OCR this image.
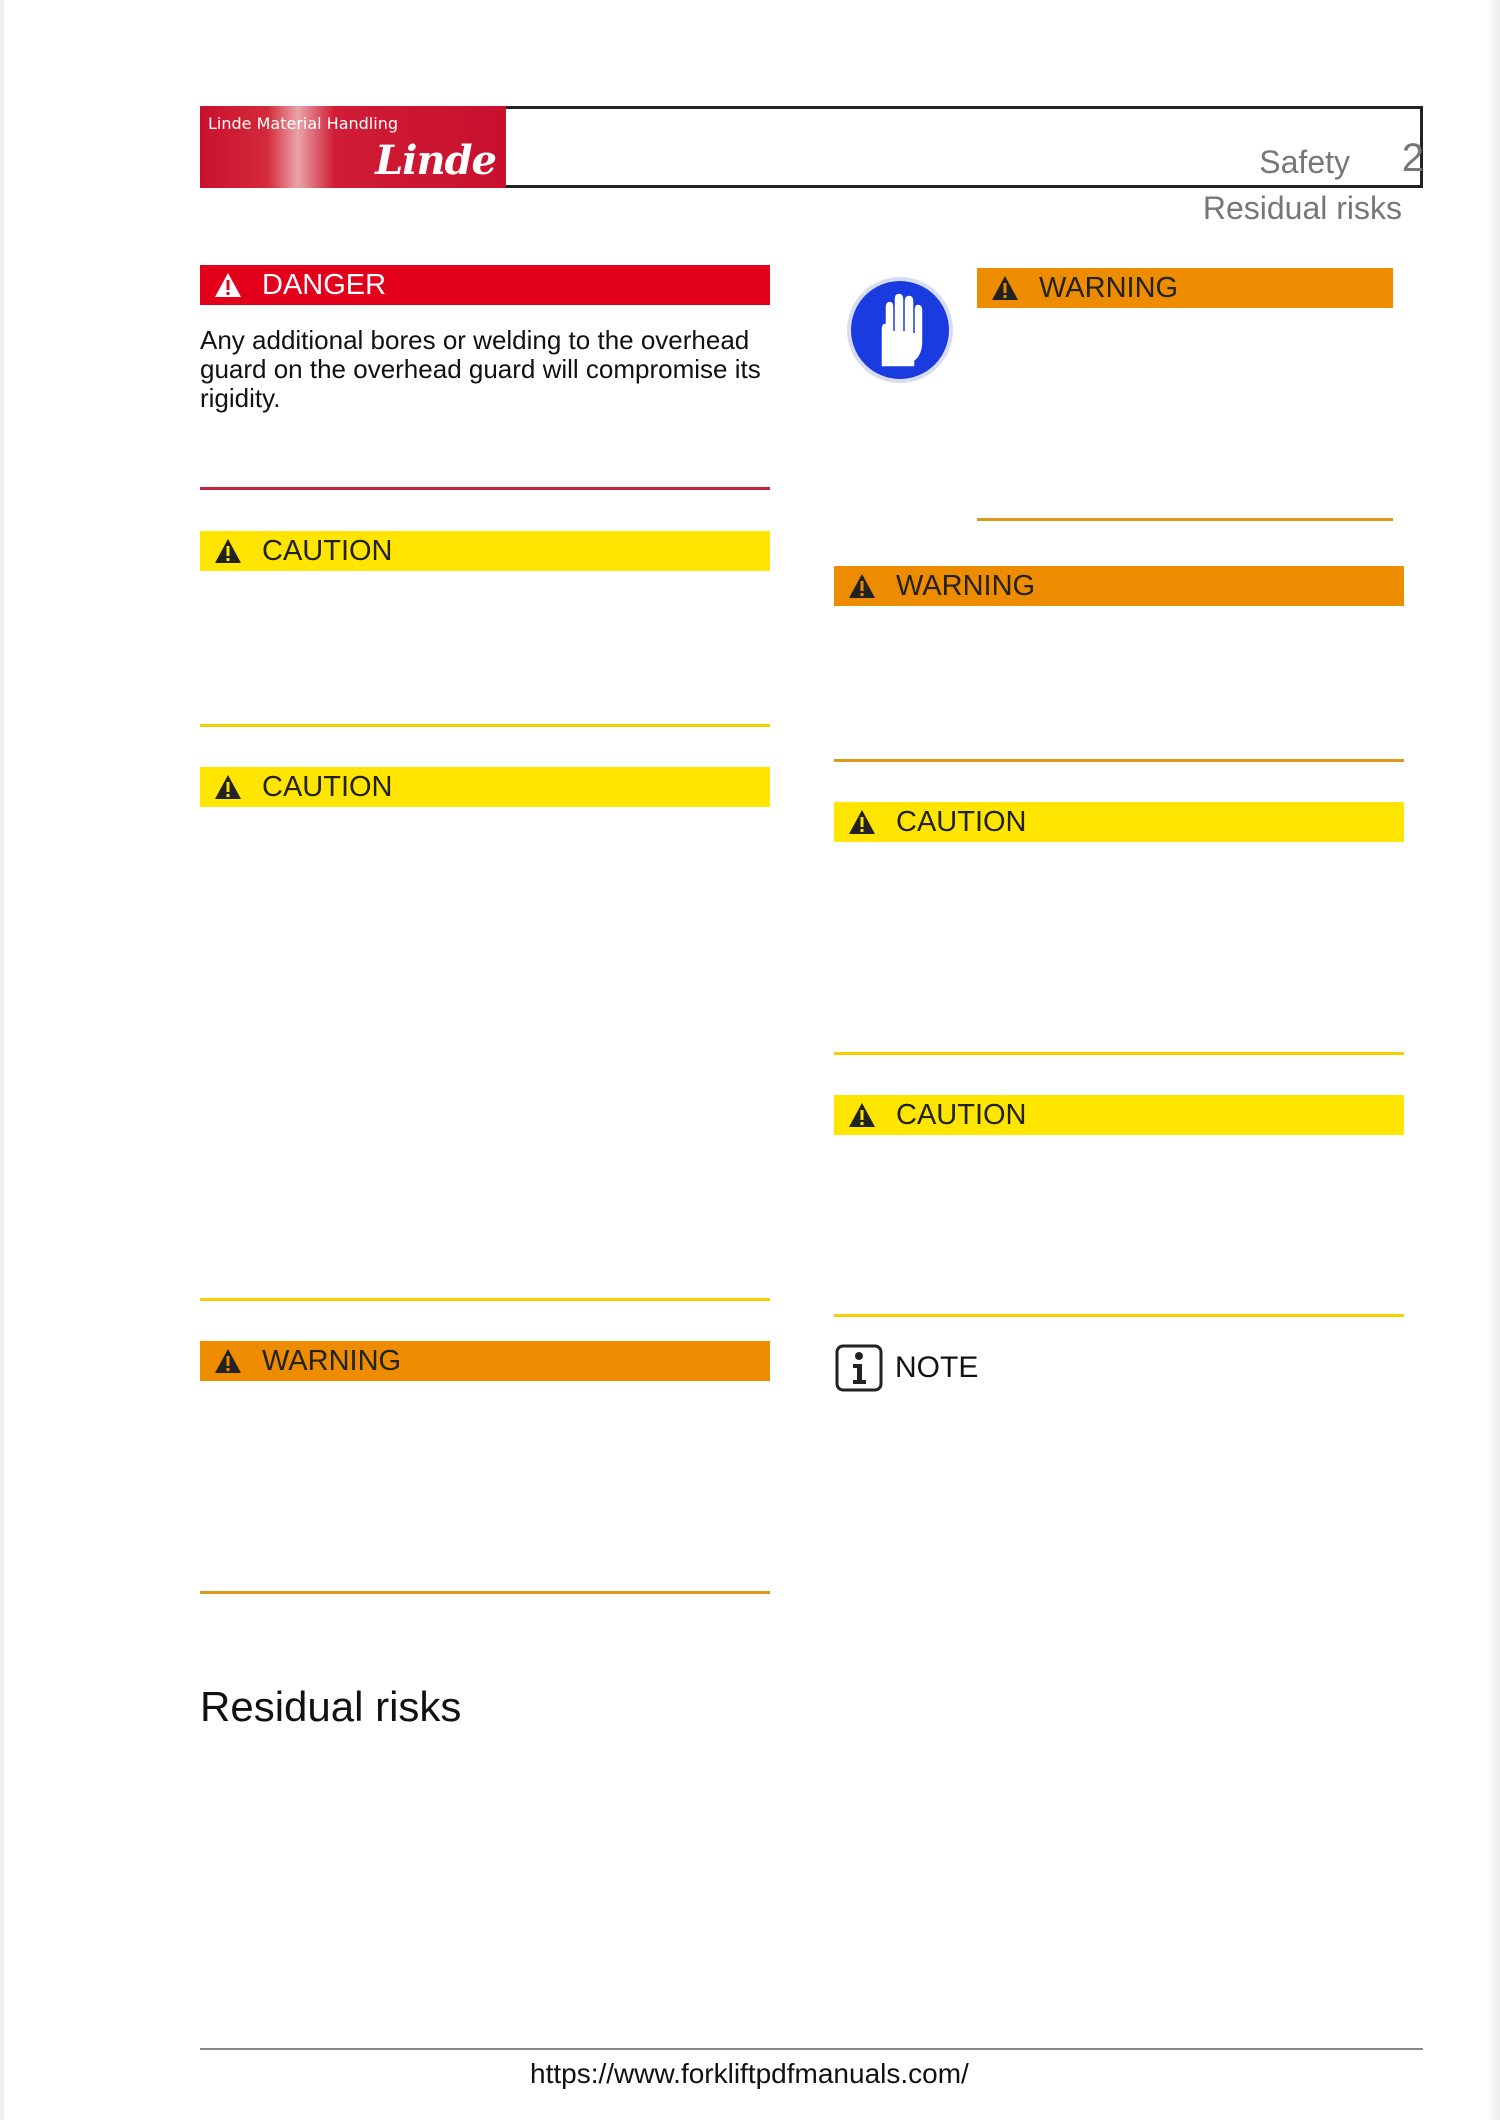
Linde Material Handling
Linde	Safety 2
Residual risks
DANGER
Any additional bores or welding to the overhead guard on the overhead guard will compromise its rigidity.
CAUTION
CAUTION
WARNING
Residual risks
WARNING
WARNING
CAUTION
CAUTION
NOTE
https://www.forkliftpdfmanuals.com/
